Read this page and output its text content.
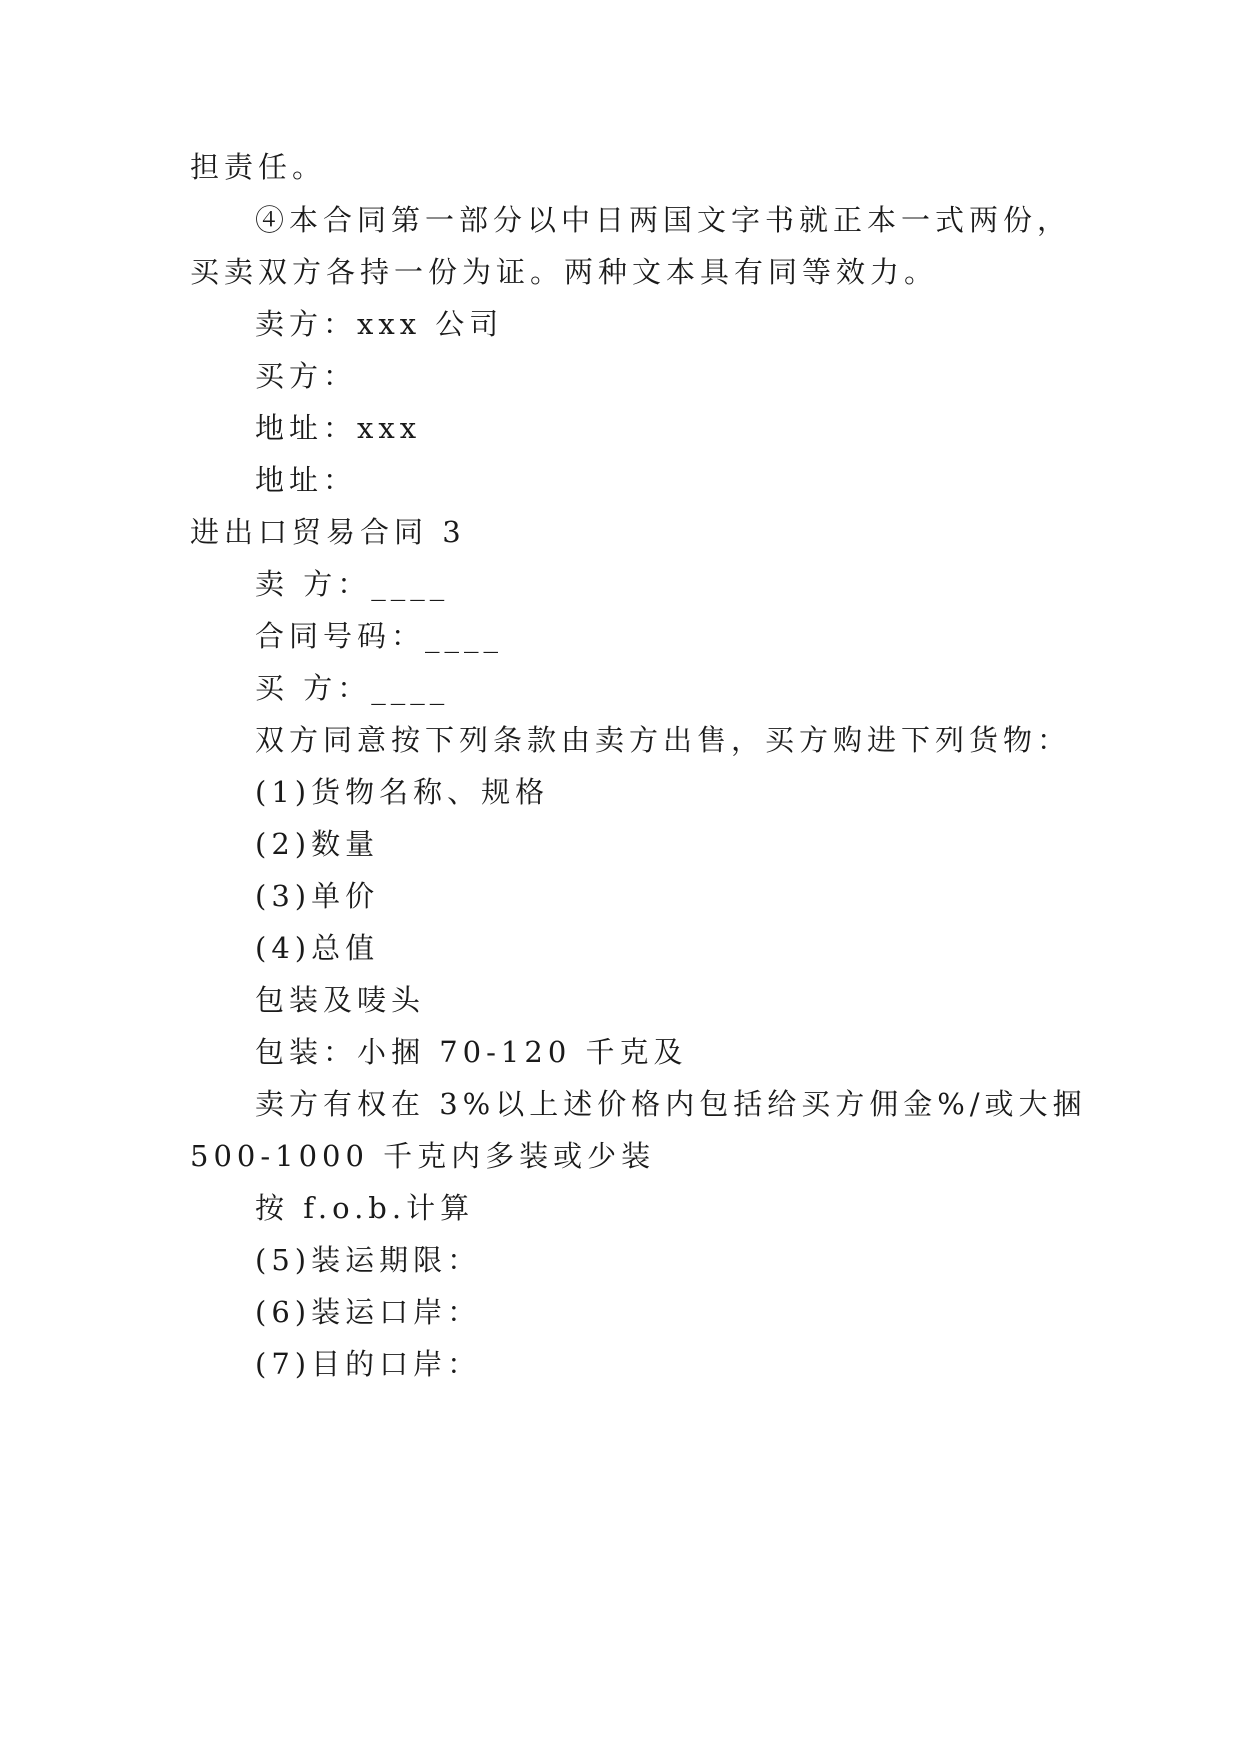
担责任。
④本合同第一部分以中日两国文字书就正本一式两份，
买卖双方各持一份为证。两种文本具有同等效力。
卖方：xxx 公司
买方：
地址：xxx
地址：
进出口贸易合同 3
卖 方：____
合同号码：____
买 方：____
双方同意按下列条款由卖方出售，买方购进下列货物：
(1)货物名称、规格
(2)数量
(3)单价
(4)总值
包装及唛头
包装：小捆 70-120 千克及
卖方有权在 3%以上述价格内包括给买方佣金%/或大捆
500-1000 千克内多装或少装
按 f.o.b.计算
(5)装运期限：
(6)装运口岸：
(7)目的口岸：
